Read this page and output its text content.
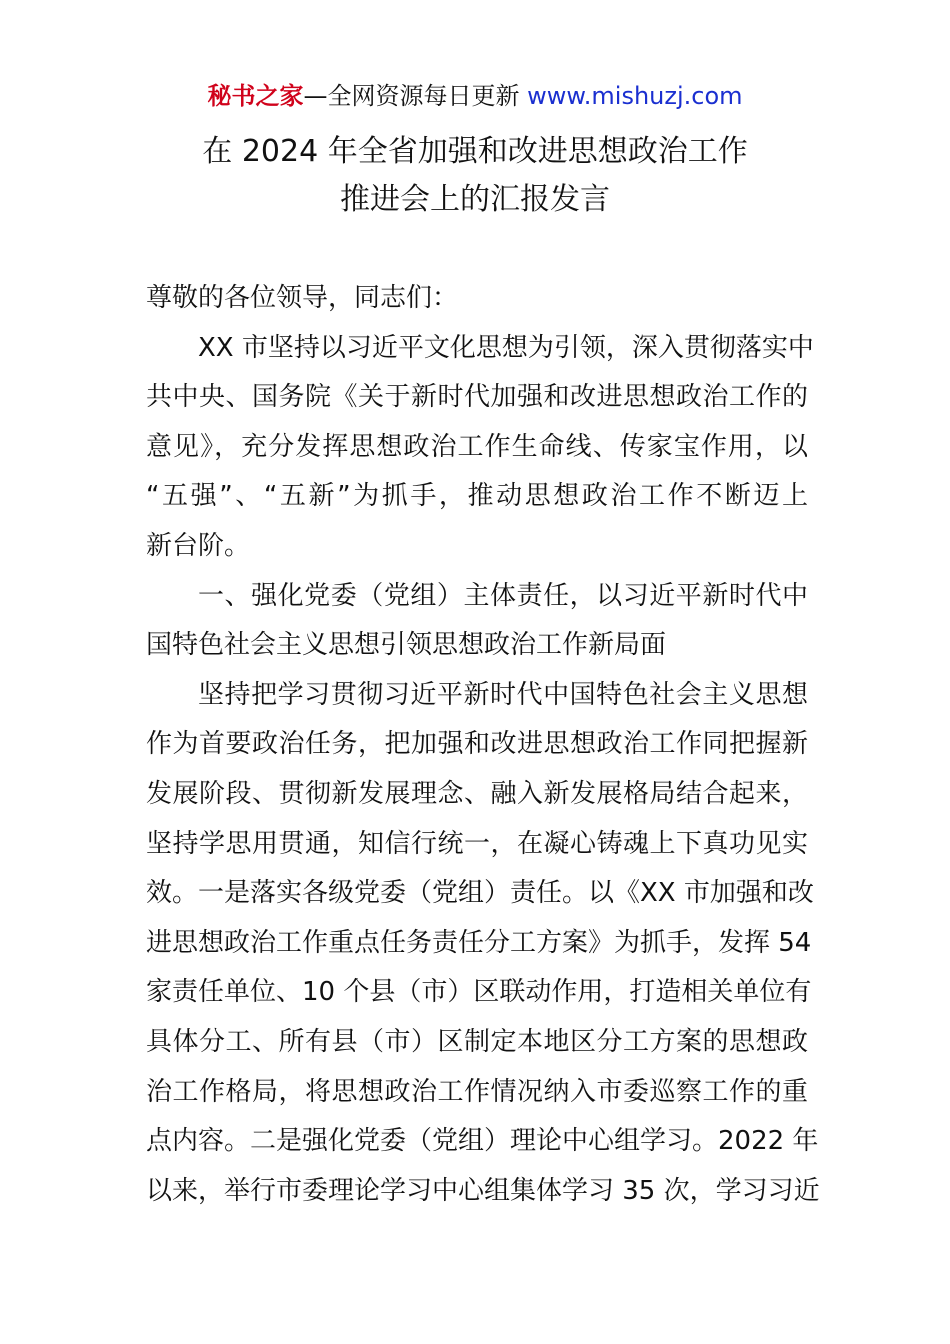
秘书之家—全网资源每日更新 www.mishuzj.com
在 2024 年全省加强和改进思想政治工作
推进会上的汇报发言
尊敬的各位领导，同志们：
XX 市坚持以习近平文化思想为引领，深入贯彻落实中
共中央、国务院《关于新时代加强和改进思想政治工作的
意见》，充分发挥思想政治工作生命线、传家宝作用，以
“五强”、“五新”为抓手，推动思想政治工作不断迈上
新台阶。
一、强化党委（党组）主体责任，以习近平新时代中
国特色社会主义思想引领思想政治工作新局面
坚持把学习贯彻习近平新时代中国特色社会主义思想
作为首要政治任务，把加强和改进思想政治工作同把握新
发展阶段、贯彻新发展理念、融入新发展格局结合起来，
坚持学思用贯通，知信行统一，在凝心铸魂上下真功见实
效。一是落实各级党委（党组）责任。以《XX 市加强和改
进思想政治工作重点任务责任分工方案》为抓手，发挥 54
家责任单位、10 个县（市）区联动作用，打造相关单位有
具体分工、所有县（市）区制定本地区分工方案的思想政
治工作格局，将思想政治工作情况纳入市委巡察工作的重
点内容。二是强化党委（党组）理论中心组学习。2022 年
以来，举行市委理论学习中心组集体学习 35 次，学习习近
